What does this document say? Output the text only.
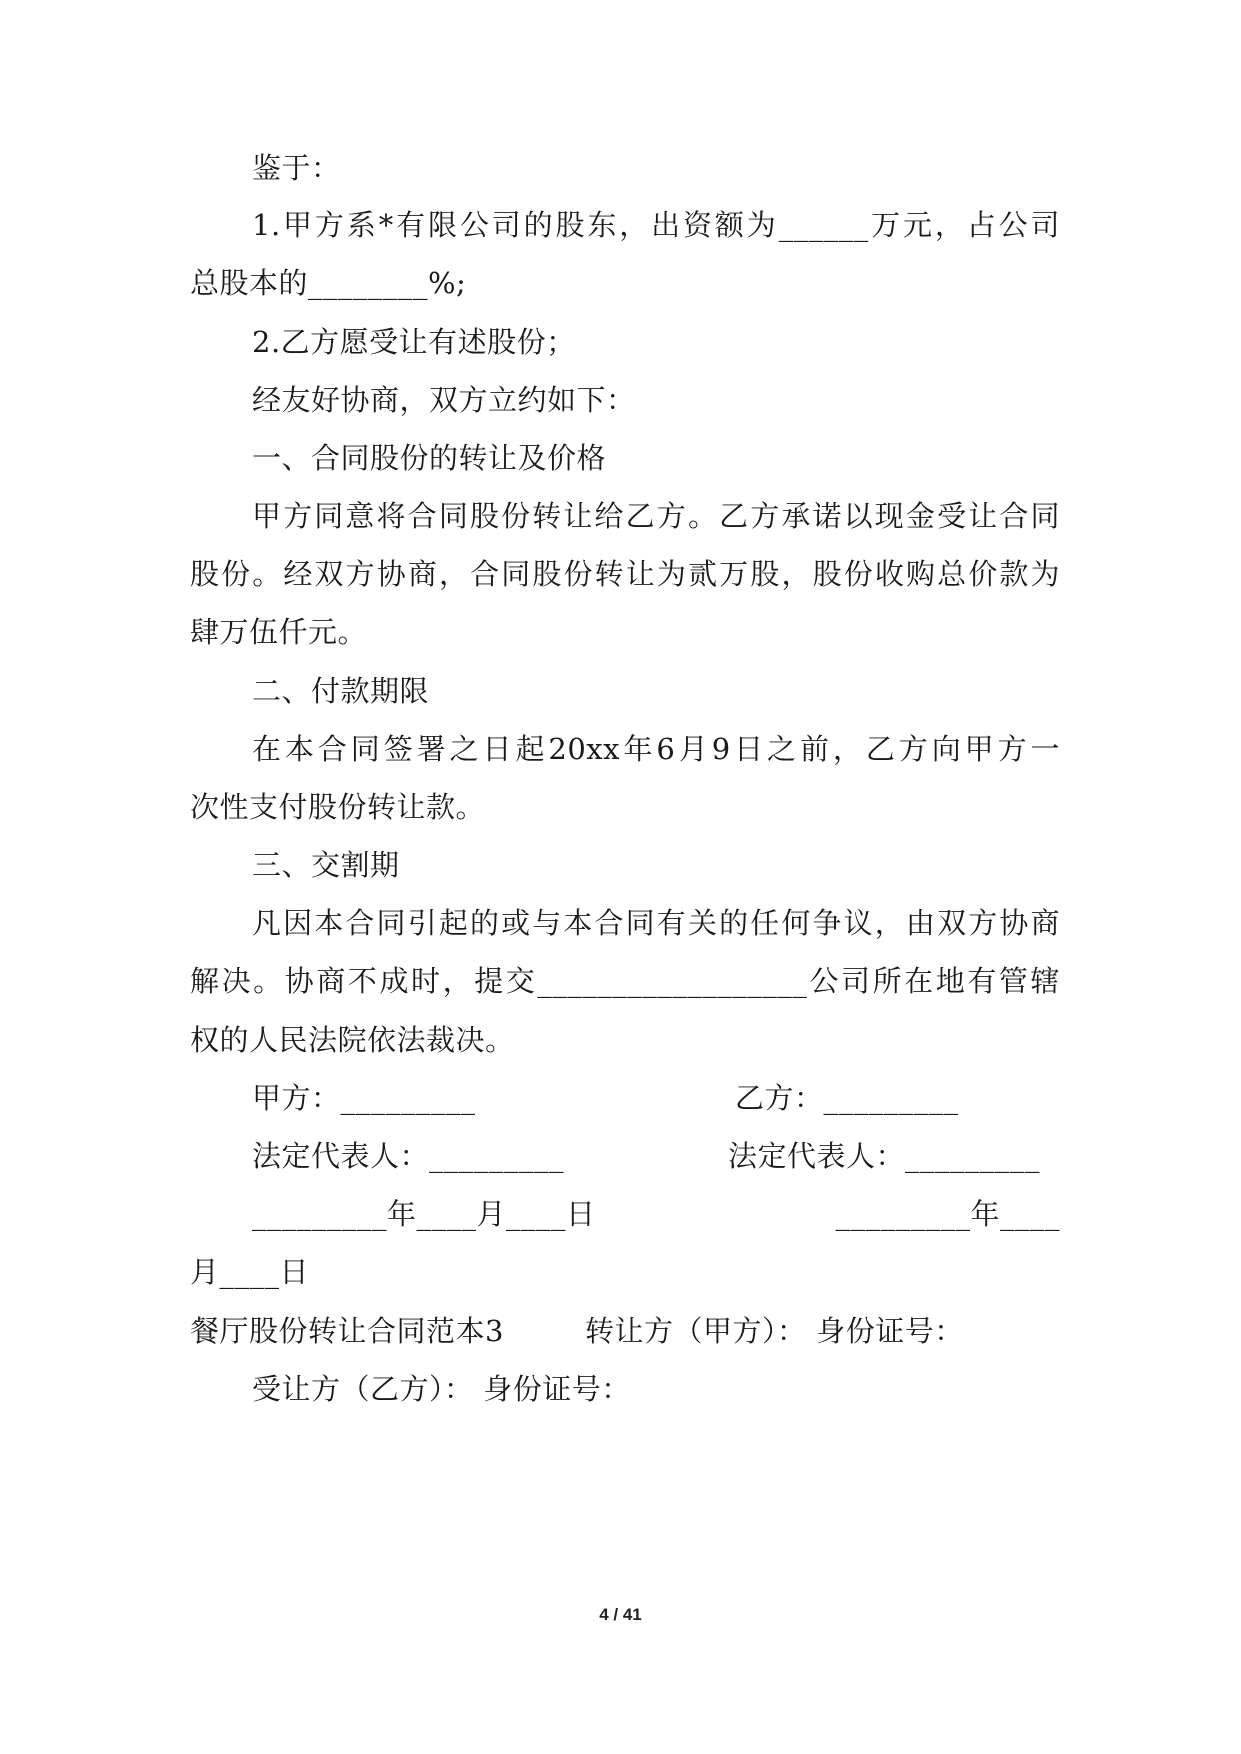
鉴于：
1.甲方系*有限公司的股东，出资额为______万元，占公司
总股本的________%;
2.乙方愿受让有述股份；
经友好协商，双方立约如下：
一、合同股份的转让及价格
甲方同意将合同股份转让给乙方。乙方承诺以现金受让合同
股份。经双方协商，合同股份转让为贰万股，股份收购总价款为
肆万伍仟元。
二、付款期限
在本合同签署之日起20xx年6月9日之前，乙方向甲方一
次性支付股份转让款。
三、交割期
凡因本合同引起的或与本合同有关的任何争议，由双方协商
解决。协商不成时，提交__________________公司所在地有管辖
权的人民法院依法裁决。
甲方：_________	乙方：_________
法定代表人：_________	法定代表人：_________
_________年____月____日	_________年____
月____日
餐厅股份转让合同范本3	转让方（甲方）： 身份证号：
受让方（乙方）： 身份证号：
4 / 41
